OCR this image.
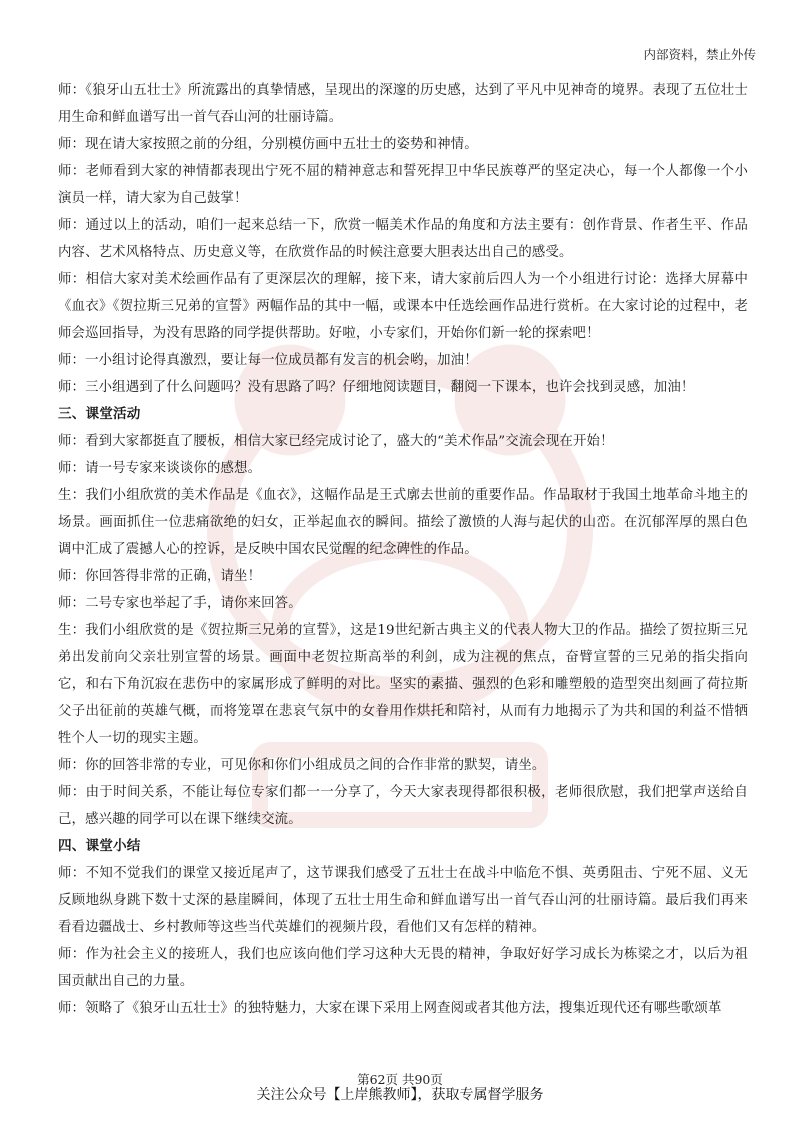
内部资料，禁止外传

师：《狼牙山五壮士》所流露出的真挚情感，呈现出的深邃的历史感，达到了平凡中见神奇的境界。表现了五位壮士用生命和鲜血谱写出一首气吞山河的壮丽诗篇。

师：现在请大家按照之前的分组，分别模仿画中五壮士的姿势和神情。

师：老师看到大家的神情都表现出宁死不屈的精神意志和誓死捍卫中华民族尊严的坚定决心，每一个人都像一个小演员一样，请大家为自己鼓掌！

师：通过以上的活动，咱们一起来总结一下，欣赏一幅美术作品的角度和方法主要有：创作背景、作者生平、作品内容、艺术风格特点、历史意义等，在欣赏作品的时候注意要大胆表达出自己的感受。

师：相信大家对美术绘画作品有了更深层次的理解，接下来，请大家前后四人为一个小组进行讨论：选择大屏幕中《血衣》《贺拉斯三兄弟的宣誓》两幅作品的其中一幅，或课本中任选绘画作品进行赏析。在大家讨论的过程中，老师会巡回指导，为没有思路的同学提供帮助。好啦，小专家们，开始你们新一轮的探索吧！

师：一小组讨论得真激烈，要让每一位成员都有发言的机会哟，加油！

师：三小组遇到了什么问题吗？没有思路了吗？仔细地阅读题目，翻阅一下课本，也许会找到灵感，加油！

三、课堂活动

师：看到大家都挺直了腰板，相信大家已经完成讨论了，盛大的“美术作品”交流会现在开始！

师：请一号专家来谈谈你的感想。

生：我们小组欣赏的美术作品是《血衣》，这幅作品是王式廓去世前的重要作品。作品取材于我国土地革命斗地主的场景。画面抓住一位悲痛欲绝的妇女，正举起血衣的瞬间。描绘了激愤的人海与起伏的山峦。在沉郁浑厚的黑白色调中汇成了震撼人心的控诉，是反映中国农民觉醒的纪念碑性的作品。

师：你回答得非常的正确，请坐！

师：二号专家也举起了手，请你来回答。

生：我们小组欣赏的是《贺拉斯三兄弟的宣誓》，这是19世纪新古典主义的代表人物大卫的作品。描绘了贺拉斯三兄弟出发前向父亲壮别宣誓的场景。画面中老贺拉斯高举的利剑，成为注视的焦点，奋臂宣誓的三兄弟的指尖指向它，和右下角沉寂在悲伤中的家属形成了鲜明的对比。坚实的素描、强烈的色彩和雕塑般的造型突出刻画了荷拉斯父子出征前的英雄气概，而将笼罩在悲哀气氛中的女眷用作烘托和陪衬，从而有力地揭示了为共和国的利益不惜牺牲个人一切的现实主题。

师：你的回答非常的专业，可见你和你们小组成员之间的合作非常的默契，请坐。

师：由于时间关系，不能让每位专家们都一一分享了，今天大家表现得都很积极，老师很欣慰，我们把掌声送给自己，感兴趣的同学可以在课下继续交流。

四、课堂小结

师：不知不觉我们的课堂又接近尾声了，这节课我们感受了五壮士在战斗中临危不惧、英勇阻击、宁死不屈、义无反顾地纵身跳下数十丈深的悬崖瞬间，体现了五壮士用生命和鲜血谱写出一首气吞山河的壮丽诗篇。最后我们再来看看边疆战士、乡村教师等这些当代英雄们的视频片段，看他们又有怎样的精神。

师：作为社会主义的接班人，我们也应该向他们学习这种大无畏的精神，争取好好学习成长为栋梁之才，以后为祖国贡献出自己的力量。

师：领略了《狼牙山五壮士》的独特魅力，大家在课下采用上网查阅或者其他方法，搜集近现代还有哪些歌颂革

第62页 共90页
关注公众号【上岸熊教师】，获取专属督学服务
